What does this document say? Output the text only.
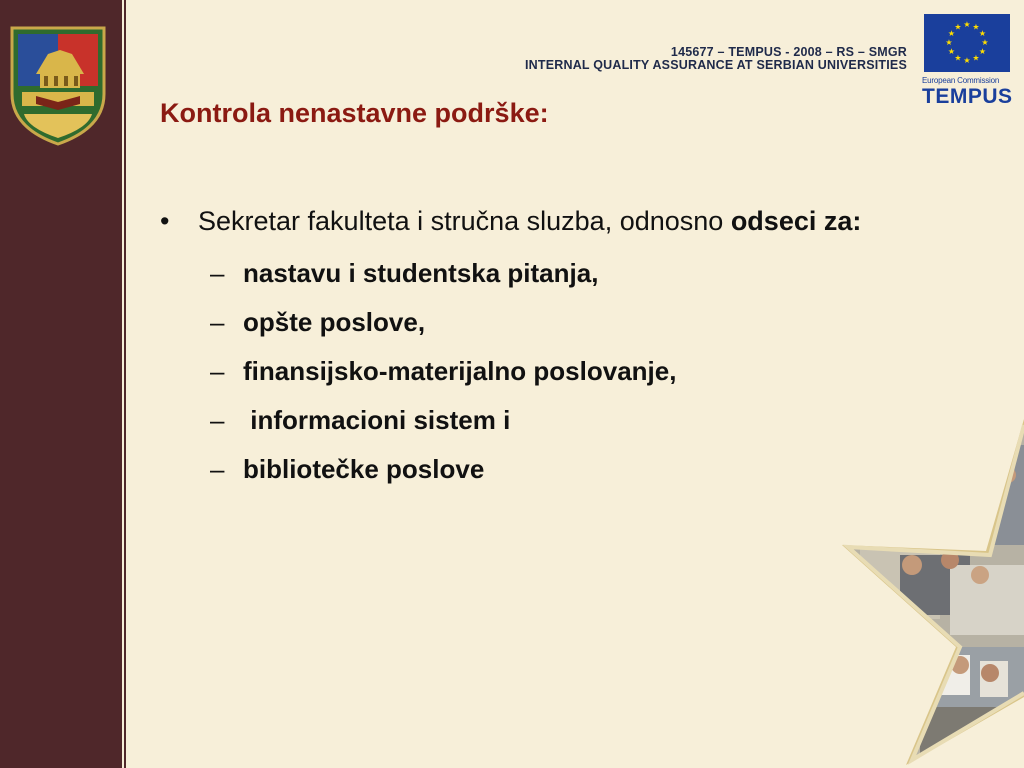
145677 – TEMPUS - 2008 – RS – SMGR
INTERNAL QUALITY ASSURANCE AT SERBIAN UNIVERSITIES
★ ★
★
★
★
★
★
★
★
★
★
★
European Commission
TEMPUS
Kontrola nenastavne podrške:
• Sekretar fakulteta i stručna sluzba, odnosno odseci za:
– nastavu i studentska pitanja,
– opšte poslove,
– finansijsko-materijalno poslovanje,
– informacioni sistem i
– bibliotečke poslove
